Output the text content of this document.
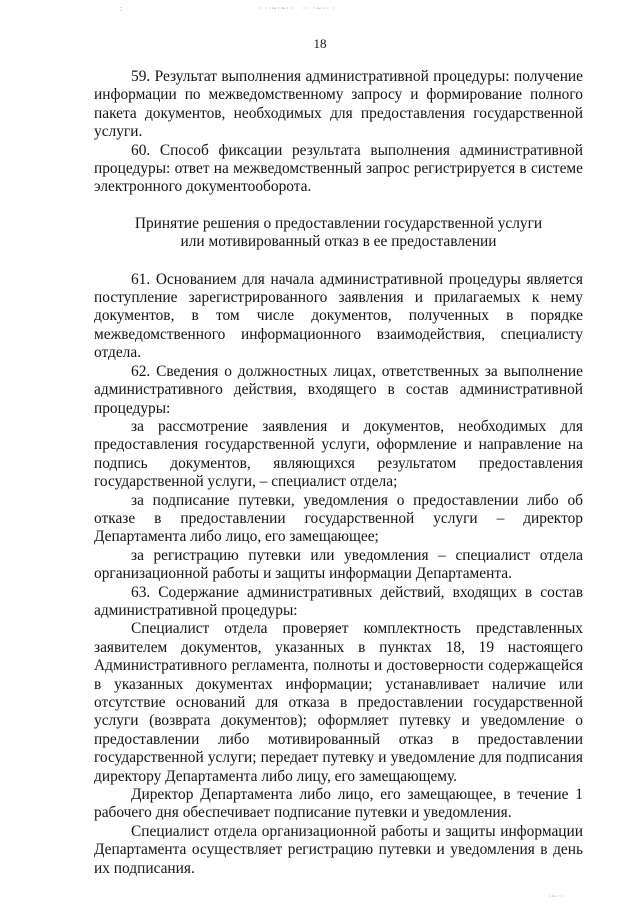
· ··~·~··   ·· ·~·· ·
:
18

59. Результат выполнения административной процедуры: получение информации по межведомственному запросу и формирование полного пакета документов, необходимых для предоставления государственной услуги.

60. Способ фиксации результата выполнения административной процедуры: ответ на межведомственный запрос регистрируется в системе электронного документооборота.

Принятие решения о предоставлении государственной услуги
или мотивированный отказ в ее предоставлении

61. Основанием для начала административной процедуры является поступление зарегистрированного заявления и прилагаемых к нему документов, в том числе документов, полученных в порядке межведомственного информационного взаимодействия, специалисту отдела.

62. Сведения о должностных лицах, ответственных за выполнение административного действия, входящего в состав административной процедуры:

за рассмотрение заявления и документов, необходимых для предоставления государственной услуги, оформление и направление на подпись документов, являющихся результатом предоставления государственной услуги, – специалист отдела;

за подписание путевки, уведомления о предоставлении либо об отказе в предоставлении государственной услуги – директор Департамента либо лицо, его замещающее;

за регистрацию путевки или уведомления – специалист отдела организационной работы и защиты информации Департамента.

63. Содержание административных действий, входящих в состав административной процедуры:

Специалист отдела проверяет комплектность представленных заявителем документов, указанных в пунктах 18, 19 настоящего Административного регламента, полноты и достоверности содержащейся в указанных документах информации; устанавливает наличие или отсутствие оснований для отказа в предоставлении государственной услуги (возврата документов); оформляет путевку и уведомление о предоставлении либо мотивированный отказ в предоставлении государственной услуги; передает путевку и уведомление для подписания директору Департамента либо лицу, его замещающему.

Директор Департамента либо лицо, его замещающее, в течение 1 рабочего дня обеспечивает подписание путевки и уведомления.

Специалист отдела организационной работы и защиты информации Департамента осуществляет регистрацию путевки и уведомления в день их подписания.

·~··
